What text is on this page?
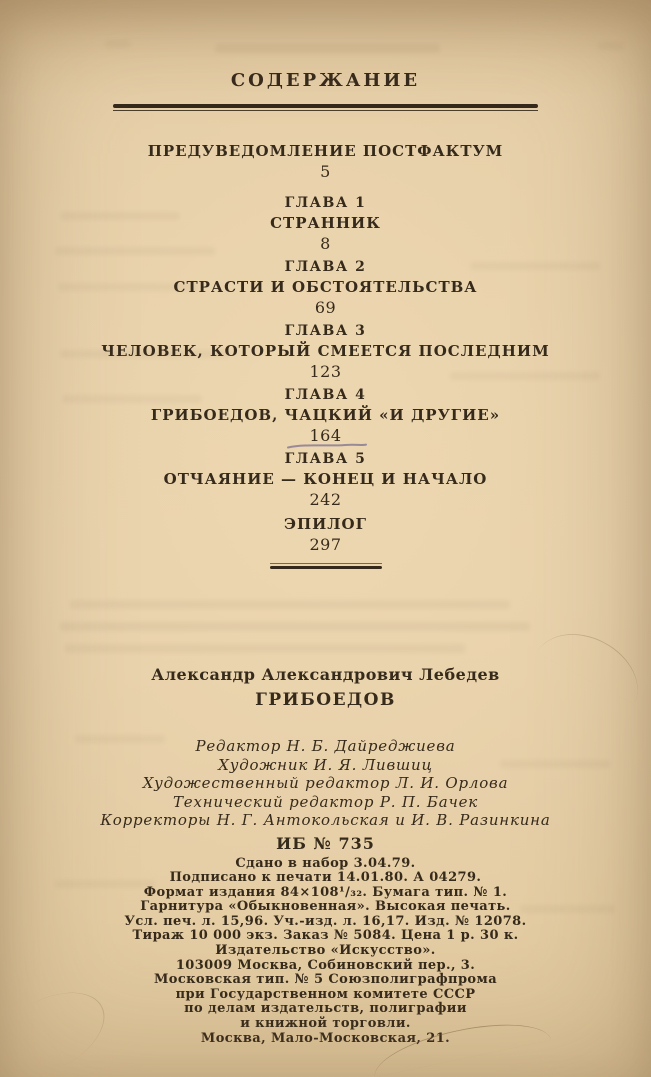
СОДЕРЖАНИЕ
ПРЕДУВЕДОМЛЕНИЕ ПОСТФАКТУМ
5
ГЛАВА 1
СТРАННИК
8
ГЛАВА 2
СТРАСТИ И ОБСТОЯТЕЛЬСТВА
69
ГЛАВА 3
ЧЕЛОВЕК, КОТОРЫЙ СМЕЕТСЯ ПОСЛЕДНИМ
123
ГЛАВА 4
ГРИБОЕДОВ, ЧАЦКИЙ «И ДРУГИЕ»
164
ГЛАВА 5
ОТЧАЯНИЕ — КОНЕЦ И НАЧАЛО
242
ЭПИЛОГ
297
Александр Александрович Лебедев
ГРИБОЕДОВ
Редактор Н. Б. Дайреджиева
Художник И. Я. Лившиц
Художественный редактор Л. И. Орлова
Технический редактор Р. П. Бачек
Корректоры Н. Г. Антокольская и И. В. Разинкина
ИБ № 735
Сдано в набор 3.04.79.
Подписано к печати 14.01.80. А 04279.
Формат издания 84×108¹/₃₂. Бумага тип. № 1.
Гарнитура «Обыкновенная». Высокая печать.
Усл. печ. л. 15,96. Уч.-изд. л. 16,17. Изд. № 12078.
Тираж 10 000 экз. Заказ № 5084. Цена 1 р. 30 к.
Издательство «Искусство».
103009 Москва, Собиновский пер., 3.
Московская тип. № 5 Союзполиграфпрома
при Государственном комитете СССР
по делам издательств, полиграфии
и книжной торговли.
Москва, Мало-Московская, 21.
